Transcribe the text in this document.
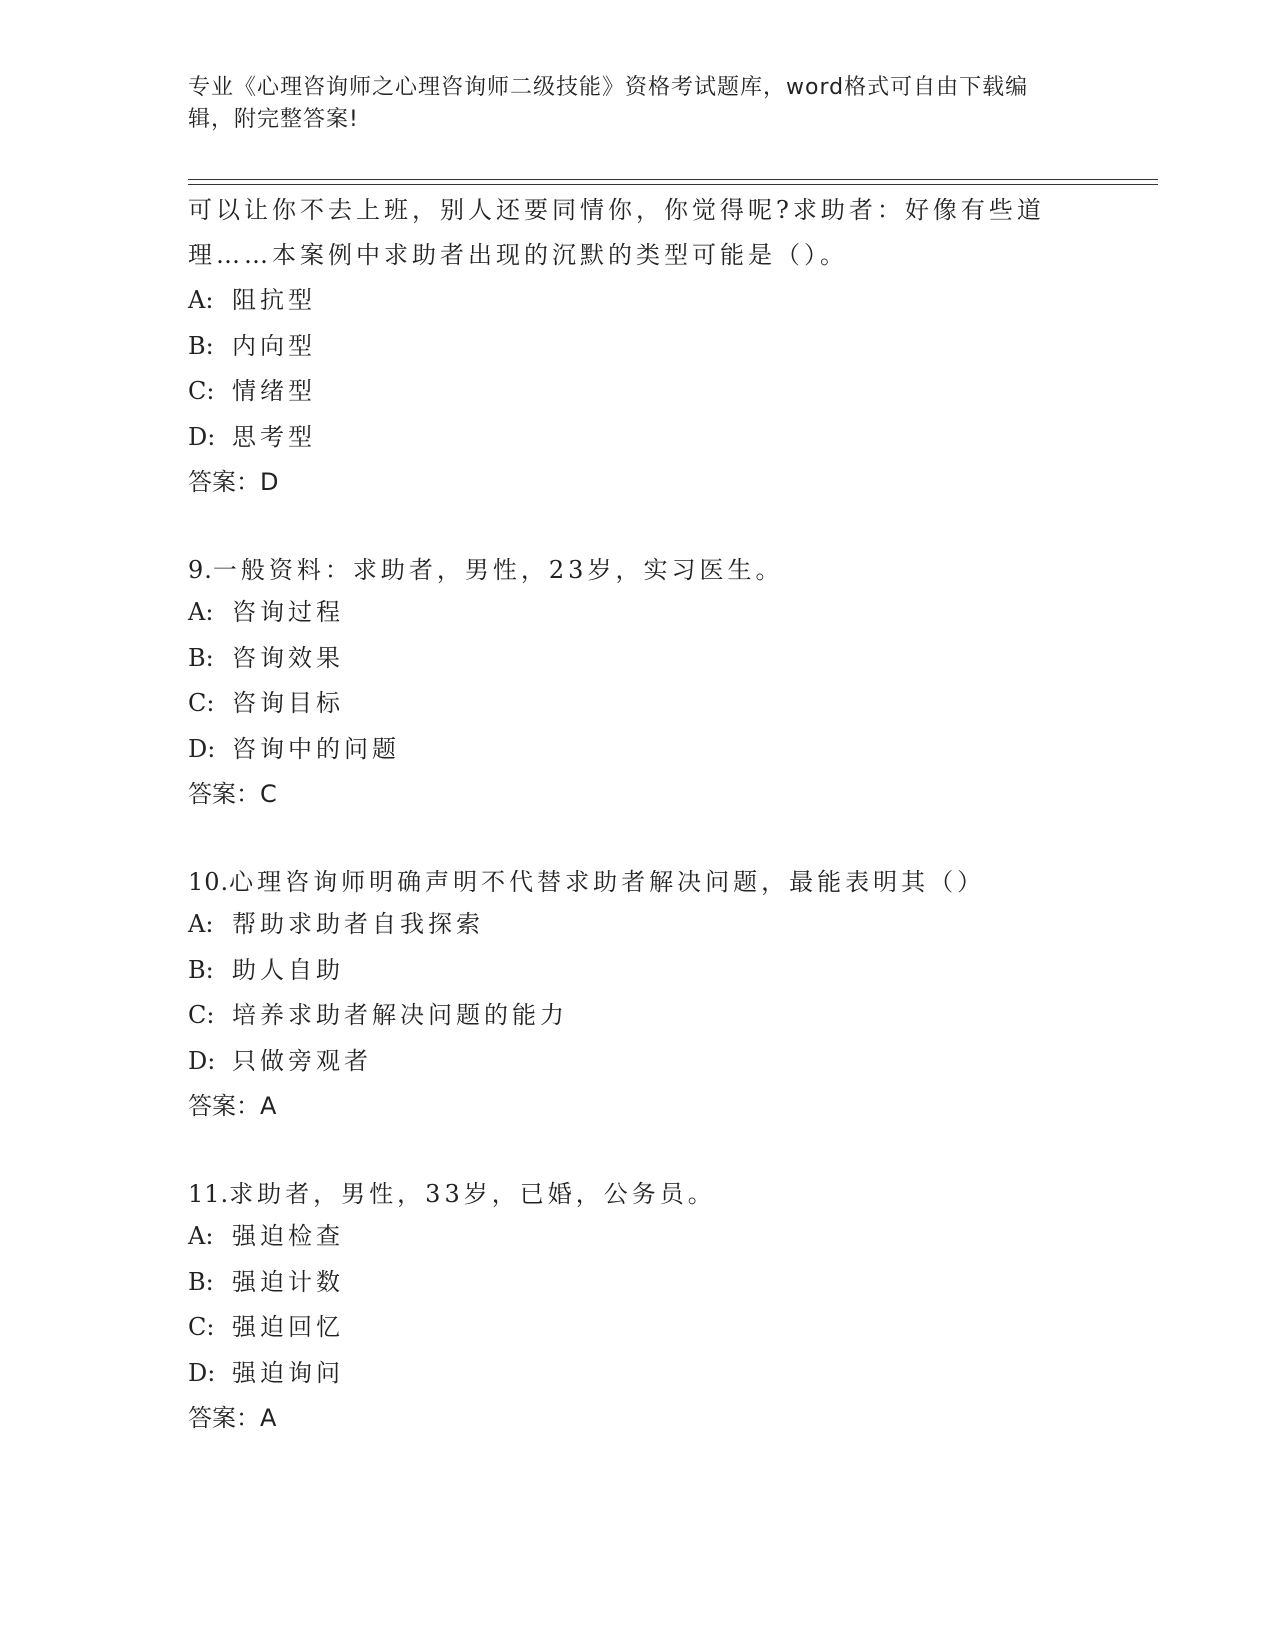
专业《心理咨询师之心理咨询师二级技能》资格考试题库，word格式可自由下载编辑，附完整答案!

可以让你不去上班，别人还要同情你，你觉得呢?求助者：好像有些道理……本案例中求助者出现的沉默的类型可能是（）。

A: 阻抗型

B: 内向型

C: 情绪型

D: 思考型

答案：D

9.一般资料：求助者，男性，23岁，实习医生。

A: 咨询过程

B: 咨询效果

C: 咨询目标

D: 咨询中的问题

答案：C

10.心理咨询师明确声明不代替求助者解决问题，最能表明其（）

A: 帮助求助者自我探索

B: 助人自助

C: 培养求助者解决问题的能力

D: 只做旁观者

答案：A

11.求助者，男性，33岁，已婚，公务员。

A: 强迫检查

B: 强迫计数

C: 强迫回忆

D: 强迫询问

答案：A
